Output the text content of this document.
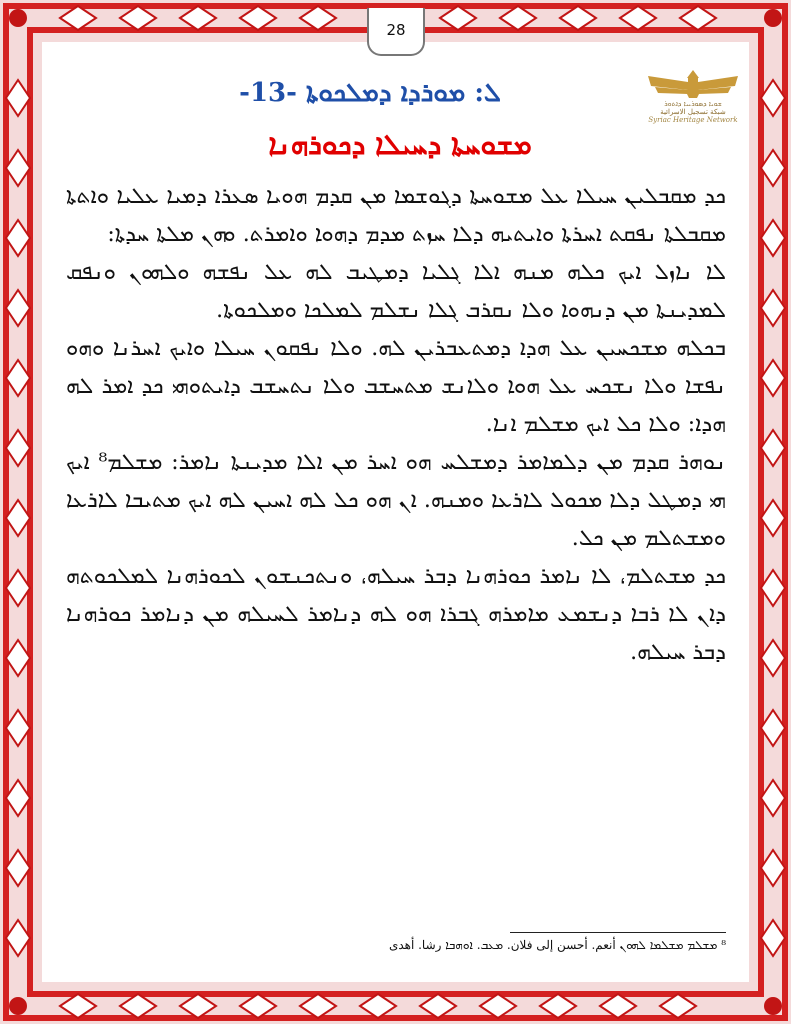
28
ܫܘܝܐ ܕܣܘܪܝܝܐ ܕܐܬܘܪ
شبكة تسجيل الاسرائية
Syriac Heritage Network
ܠ: ܡܘܪܕܐ ܕܡܠܟܘܬܐ -13-
ܡܫܘܚܬܐ ܕܚܝܠܐ ܕܟܘܪܗܢܐ

ܟܕ ܡܩܒܠܝܢ ܚܝܠܐ ܥܠ ܡܫܘܚܬܐ ܕܓܘܫܡܐ ܡܢ ܩܕܡ ܗܘܝܐ ܣܥܪܐ ܕܡܝܐ ܥܠܝܐ ܘܐܬܬܐ ܡܩܒܠܬܐ ܢܦܩܬ ܐܚܪܬܐ ܘܐܝܬܝܗ ܕܠܐ ܚܙܬ ܡܕܡ ܕܗܘܐ ܘܐܡܪܬ. ܘܗܢ ܡܠܬܐ ܚܕܬܐ:

ܠܐ ܢܐܙܠ ܐܝܟ ܟܠܗ ܡܢܗ ܐܠܐ ܓܠܝܐ ܕܡܛܝܒ ܠܗ ܥܠ ܢܦܫܗ ܘܠܗܘܢ ܘܢܦܩ ܠܡܕܝܢܬܐ ܡܢ ܕܢܗܘܐ ܘܠܐ ܢܩܪܒ ܓܠܐ ܢܫܠܡ ܠܡܠܟܐ ܘܡܠܟܘܬܐ.

ܒܟܠܗ ܡܫܟܚܝܢ ܥܠ ܗܕܐ ܕܡܬܥܒܪܝܢ ܠܗ. ܘܠܐ ܢܦܩܘܢ ܚܝܠܐ ܘܐܝܟ ܐܚܪܢܐ ܘܗܘ ܢܦܫܐ ܘܠܐ ܢܫܟܚ ܥܠ ܗܘܐ ܘܠܐܢܫ ܡܬܚܫܒ ܘܠܐ ܢܬܚܫܒ ܕܐܝܬܘܗܝ ܟܕ ܐܡܪ ܠܗ ܗܕܐ: ܘܠܐ ܟܠ ܐܝܟ ܡܫܠܡ ܐܢܐ.

ܢܘܗܪ ܩܕܡ ܡܢ ܕܠܡܐܡܪ ܕܡܫܠܚ ܗܘ ܐܚܪ ܡܢ ܐܠܐ ܡܕܝܢܬܐ ܢܐܡܪ: ܡܫܠܡ⁸ ܐܝܟ ܗܝ ܕܡܛܠ ܕܠܐ ܡܟܘܠ ܠܐܪܥܐ ܘܡܢܗ. ܐܢ ܗܘ ܟܠ ܠܗ ܐܚܝܢ ܠܗ ܐܝܟ ܡܬܝܒܐ ܠܐܪܥܐ ܘܡܫܬܠܡ ܡܢ ܟܠ.

ܟܕ ܡܫܬܠܡ، ܠܐ ܢܐܡܪ ܟܘܪܗܢܐ ܕܒܪ ܚܝܠܗ، ܘܢܬܟܢܫܘܢ ܠܟܘܪܗܢܐ ܠܡܠܟܘܬܗ ܕܐܢ ܠܐ ܪܒܐ ܕܢܫܡܥ ܡܐܡܪܗ ܓܒܪܐ ܗܘ ܠܗ ܕܢܐܡܪ ܠܚܝܠܗ ܡܢ ܕܢܐܡܪ ܟܘܪܗܢܐ ܕܒܪ ܚܝܠܗ.

⁸ ܡܫܠܡ ܡܫܠܡܐ ܠܗܘܢ أنعم. أحسن إلى فلان. ܡܥܒ. ܐܘܗܒܐ رشا. أهدى
